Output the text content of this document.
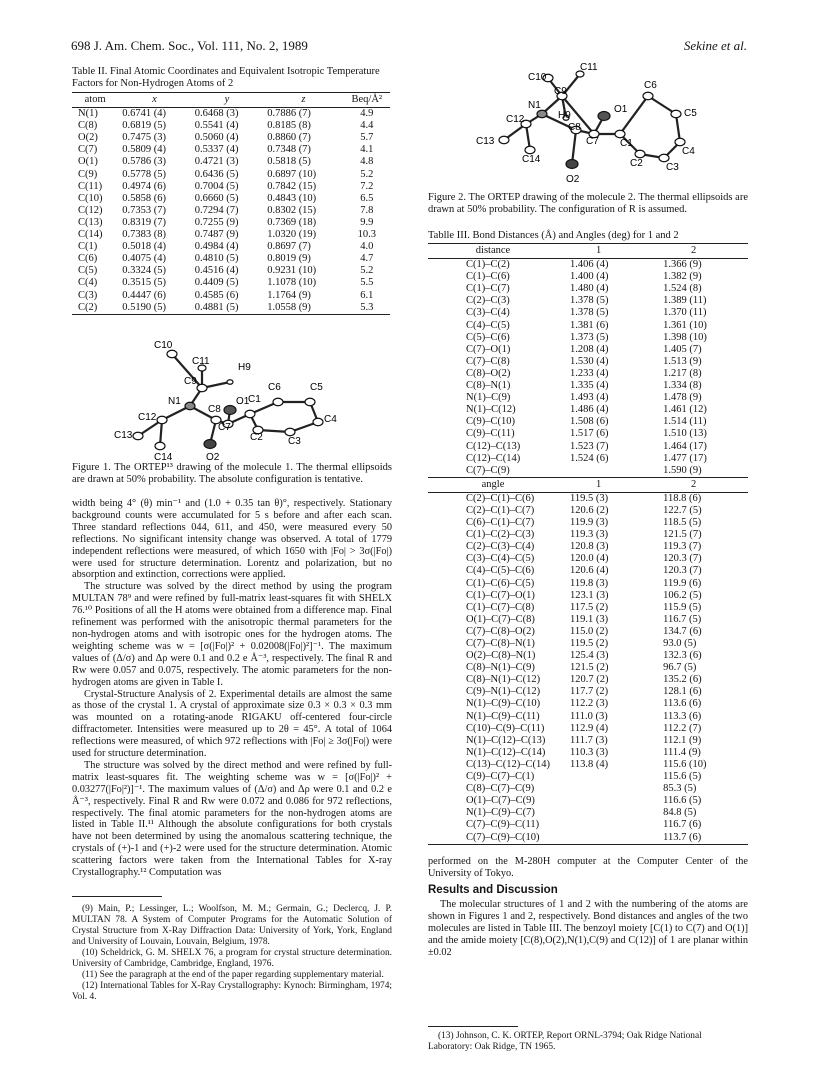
698 J. Am. Chem. Soc., Vol. 111, No. 2, 1989	Sekine et al.
Table II. Final Atomic Coordinates and Equivalent Isotropic Temperature Factors for Non-Hydrogen Atoms of 2
atom	x	y	z	Beq/Å²
N(1)	0.6741 (4)	0.6468 (3)	0.7886 (7)	4.9
C(8)	0.6819 (5)	0.5541 (4)	0.8185 (8)	4.4
O(2)	0.7475 (3)	0.5060 (4)	0.8860 (7)	5.7
C(7)	0.5809 (4)	0.5337 (4)	0.7348 (7)	4.1
O(1)	0.5786 (3)	0.4721 (3)	0.5818 (5)	4.8
C(9)	0.5778 (5)	0.6436 (5)	0.6897 (10)	5.2
C(11)	0.4974 (6)	0.7004 (5)	0.7842 (15)	7.2
C(10)	0.5858 (6)	0.6660 (5)	0.4843 (10)	6.5
C(12)	0.7353 (7)	0.7294 (7)	0.8302 (15)	7.8
C(13)	0.8319 (7)	0.7255 (9)	0.7369 (18)	9.9
C(14)	0.7383 (8)	0.7487 (9)	1.0320 (19)	10.3
C(1)	0.5018 (4)	0.4984 (4)	0.8697 (7)	4.0
C(6)	0.4075 (4)	0.4810 (5)	0.8019 (9)	4.7
C(5)	0.3324 (5)	0.4516 (4)	0.9231 (10)	5.2
C(4)	0.3515 (5)	0.4409 (5)	1.1078 (10)	5.5
C(3)	0.4447 (6)	0.4585 (6)	1.1764 (9)	6.1
C(2)	0.5190 (5)	0.4881 (5)	1.0558 (9)	5.3
C10
C11
H9
C9
N1	O1
C6	C5
C1
C12
C8
C7
C4
C2	C3
C13
C14	O2
Figure 1. The ORTEP¹³ drawing of the molecule 1. The thermal ellipsoids are drawn at 50% probability. The absolute configuration is tentative.

width being 4° (θ) min⁻¹ and (1.0 + 0.35 tan θ)°, respectively. Stationary background counts were accumulated for 5 s before and after each scan. Three standard reflections 044, 611, and 450, were measured every 50 reflections. No significant intensity change was observed. A total of 1779 independent reflections were measured, of which 1650 with |Fo| > 3σ(|Fo|) were used for structure determination. Lorentz and polarization, but no absorption and extinction, corrections were applied.

The structure was solved by the direct method by using the program MULTAN 78⁹ and were refined by full-matrix least-squares fit with SHELX 76.¹⁰ Positions of all the H atoms were obtained from a difference map. Final refinement was performed with the anisotropic thermal parameters for the non-hydrogen atoms and with isotropic ones for the hydrogen atoms. The weighting scheme was w = [σ(|Fo|)² + 0.02008(|Fo|)²]⁻¹. The maximum values of (Δ/σ) and Δρ were 0.1 and 0.2 e Å⁻³, respectively. The final R and Rw were 0.057 and 0.075, respectively. The atomic parameters for the non-hydrogen atoms are given in Table I.

Crystal-Structure Analysis of 2. Experimental details are almost the same as those of the crystal 1. A crystal of approximate size 0.3 × 0.3 × 0.3 mm was mounted on a rotating-anode RIGAKU off-centered four-circle diffractometer. Intensities were measured up to 2θ = 45°. A total of 1064 reflections were measured, of which 972 reflections with |Fo| ≥ 3σ(|Fo|) were used for structure determination.

The structure was solved by the direct method and were refined by full-matrix least-squares fit. The weighting scheme was w = [σ(|Fo|)² + 0.03277(|Fo|²)]⁻¹. The maximum values of (Δ/σ) and Δρ were 0.1 and 0.2 e Å⁻³, respectively. Final R and Rw were 0.072 and 0.086 for 972 reflections, respectively. The final atomic parameters for the non-hydrogen atoms are listed in Table II.¹¹ Although the absolute configurations for both crystals have not been determined by using the anomalous scattering technique, the crystals of (+)-1 and (+)-2 were used for the structure determination. Atomic scattering factors were taken from the International Tables for X-ray Crystallography.¹² Computation was

(9) Main, P.; Lessinger, L.; Woolfson, M. M.; Germain, G.; Declercq, J. P. MULTAN 78. A System of Computer Programs for the Automatic Solution of Crystal Structure from X-Ray Diffraction Data: University of York, York, England and University of Louvain, Louvain, Belgium, 1978.

(10) Scheldrick, G. M. SHELX 76, a program for crystal structure determination. University of Cambridge, Cambridge, England, 1976.

(11) See the paragraph at the end of the paper regarding supplementary material.

(12) International Tables for X-Ray Crystallography: Kynoch: Birmingham, 1974; Vol. 4.

C11
C10
C9
C6
N1
H9
O1	C5
C12
C8
C7 C1
C13
C4
C14	C2 C3
O2
Figure 2. The ORTEP drawing of the molecule 2. The thermal ellipsoids are drawn at 50% probability. The configuration of R is assumed.
Tablle III. Bond Distances (Å) and Angles (deg) for 1 and 2
distance	1	2
C(1)–C(2)	1.406 (4)	1.366 (9)
C(1)–C(6)	1.400 (4)	1.382 (9)
C(1)–C(7)	1.480 (4)	1.524 (8)
C(2)–C(3)	1.378 (5)	1.389 (11)
C(3)–C(4)	1.378 (5)	1.370 (11)
C(4)–C(5)	1.381 (6)	1.361 (10)
C(5)–C(6)	1.373 (5)	1.398 (10)
C(7)–O(1)	1.208 (4)	1.405 (7)
C(7)–C(8)	1.530 (4)	1.513 (9)
C(8)–O(2)	1.233 (4)	1.217 (8)
C(8)–N(1)	1.335 (4)	1.334 (8)
N(1)–C(9)	1.493 (4)	1.478 (9)
N(1)–C(12)	1.486 (4)	1.461 (12)
C(9)–C(10)	1.508 (6)	1.514 (11)
C(9)–C(11)	1.517 (6)	1.510 (13)
C(12)–C(13)	1.523 (7)	1.464 (17)
C(12)–C(14)	1.524 (6)	1.477 (17)
C(7)–C(9)		1.590 (9)
angle	1	2
C(2)–C(1)–C(6)	119.5 (3)	118.8 (6)
C(2)–C(1)–C(7)	120.6 (2)	122.7 (5)
C(6)–C(1)–C(7)	119.9 (3)	118.5 (5)
C(1)–C(2)–C(3)	119.3 (3)	121.5 (7)
C(2)–C(3)–C(4)	120.8 (3)	119.3 (7)
C(3)–C(4)–C(5)	120.0 (4)	120.3 (7)
C(4)–C(5)–C(6)	120.6 (4)	120.3 (7)
C(1)–C(6)–C(5)	119.8 (3)	119.9 (6)
C(1)–C(7)–O(1)	123.1 (3)	106.2 (5)
C(1)–C(7)–C(8)	117.5 (2)	115.9 (5)
O(1)–C(7)–C(8)	119.1 (3)	116.7 (5)
C(7)–C(8)–O(2)	115.0 (2)	134.7 (6)
C(7)–C(8)–N(1)	119.5 (2)	93.0 (5)
O(2)–C(8)–N(1)	125.4 (3)	132.3 (6)
C(8)–N(1)–C(9)	121.5 (2)	96.7 (5)
C(8)–N(1)–C(12)	120.7 (2)	135.2 (6)
C(9)–N(1)–C(12)	117.7 (2)	128.1 (6)
N(1)–C(9)–C(10)	112.2 (3)	113.6 (6)
N(1)–C(9)–C(11)	111.0 (3)	113.3 (6)
C(10)–C(9)–C(11)	112.9 (4)	112.2 (7)
N(1)–C(12)–C(13)	111.7 (3)	112.1 (9)
N(1)–C(12)–C(14)	110.3 (3)	111.4 (9)
C(13)–C(12)–C(14)	113.8 (4)	115.6 (10)
C(9)–C(7)–C(1)		115.6 (5)
C(8)–C(7)–C(9)		85.3 (5)
O(1)–C(7)–C(9)		116.6 (5)
N(1)–C(9)–C(7)		84.8 (5)
C(7)–C(9)–C(11)		116.7 (6)
C(7)–C(9)–C(10)		113.7 (6)
performed on the M-280H computer at the Computer Center of the University of Tokyo.
Results and Discussion

The molecular structures of 1 and 2 with the numbering of the atoms are shown in Figures 1 and 2, respectively. Bond distances and angles of the two molecules are listed in Table III. The benzoyl moiety [C(1) to C(7) and O(1)] and the amide moiety [C(8),O(2),N(1),C(9) and C(12)] of 1 are planar within ±0.02

(13) Johnson, C. K. ORTEP, Report ORNL-3794; Oak Ridge National Laboratory: Oak Ridge, TN 1965.
